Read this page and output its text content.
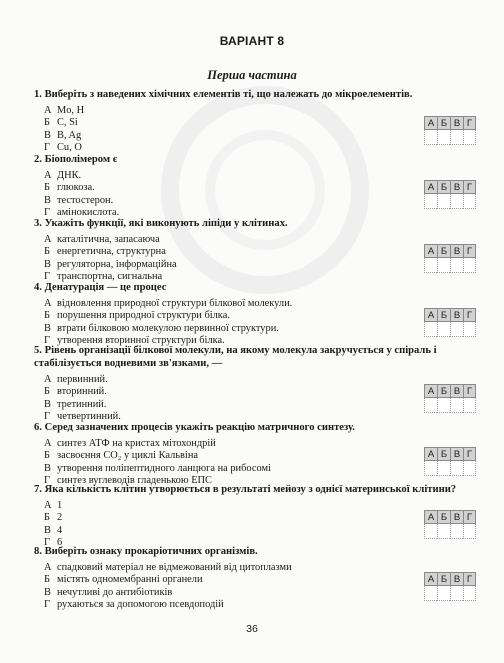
ВАРІАНТ 8
Перша частина
1. Виберіть з наведених хімічних елементів ті, що належать до мікроелементів.
А Mo, H
Б C, Si
В B, Ag
Г Cu, O
А Б В Г
2. Біополімером є
А ДНК.
Б глюкоза.
В тестостерон.
Г амінокислота.
А Б В Г
3. Укажіть функції, які виконують ліпіди у клітинах.
А каталітична, запасаюча
Б енергетична, структурна
В регуляторна, інформаційна
Г транспортна, сигнальна
А Б В Г
4. Денатурація — це процес
А відновлення природної структури білкової молекули.
Б порушення природної структури білка.
В втрати білковою молекулою первинної структури.
Г утворення вторинної структури білка.
А Б В Г
5. Рівень організації білкової молекули, на якому молекула закручується у спіраль і стабілізується водневими зв'язками, —
А первинний.
Б вторинний.
В третинний.
Г четвертинний.
А Б В Г
6. Серед зазначених процесів укажіть реакцію матричного синтезу.
А синтез АТФ на кристах мітохондрій
Б засвоєння CO₂ у циклі Кальвіна
В утворення поліпептидного ланцюга на рибосомі
Г синтез вуглеводів гладенькою ЕПС
А Б В Г
7. Яка кількість клітин утворюється в результаті мейозу з однієї материнської клітини?
А 1
Б 2
В 4
Г 6
А Б В Г
8. Виберіть ознаку прокаріотичних організмів.
А спадковий матеріал не відмежований від цитоплазми
Б містять одномембранні органели
В нечутливі до антибіотиків
Г рухаються за допомогою псевдоподій
А Б В Г
36
